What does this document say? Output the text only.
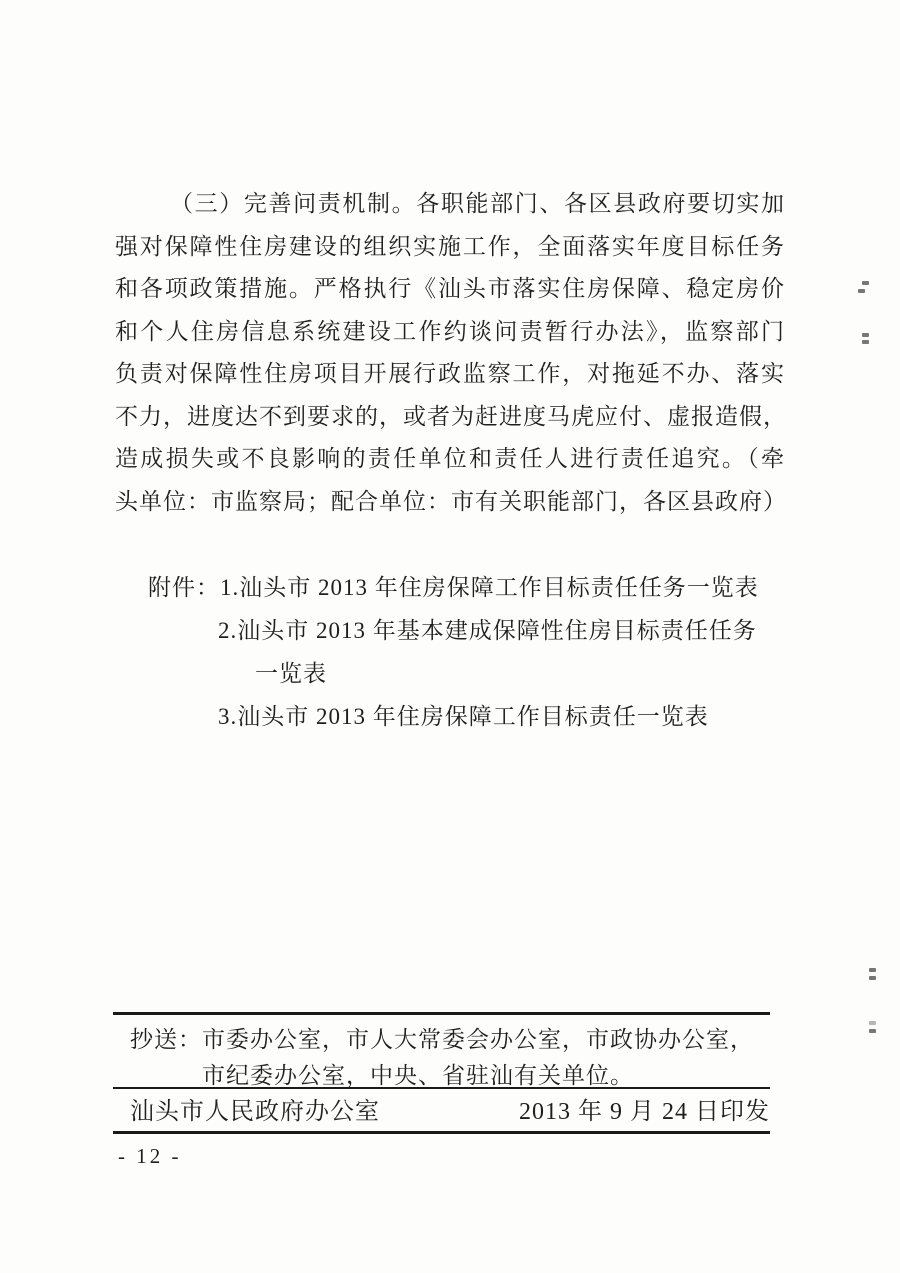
（三）完善问责机制。各职能部门、各区县政府要切实加
强对保障性住房建设的组织实施工作，全面落实年度目标任务
和各项政策措施。严格执行《汕头市落实住房保障、稳定房价
和个人住房信息系统建设工作约谈问责暂行办法》，监察部门
负责对保障性住房项目开展行政监察工作，对拖延不办、落实
不力，进度达不到要求的，或者为赶进度马虎应付、虚报造假，
造成损失或不良影响的责任单位和责任人进行责任追究。（牵
头单位：市监察局；配合单位：市有关职能部门，各区县政府）
附件：1.汕头市 2013 年住房保障工作目标责任任务一览表
2.汕头市 2013 年基本建成保障性住房目标责任任务
一览表
3.汕头市 2013 年住房保障工作目标责任一览表
抄送： 市委办公室，市人大常委会办公室，市政协办公室，
市纪委办公室，中央、省驻汕有关单位。
汕头市人民政府办公室	2013 年 9 月 24 日印发
- 12 -
